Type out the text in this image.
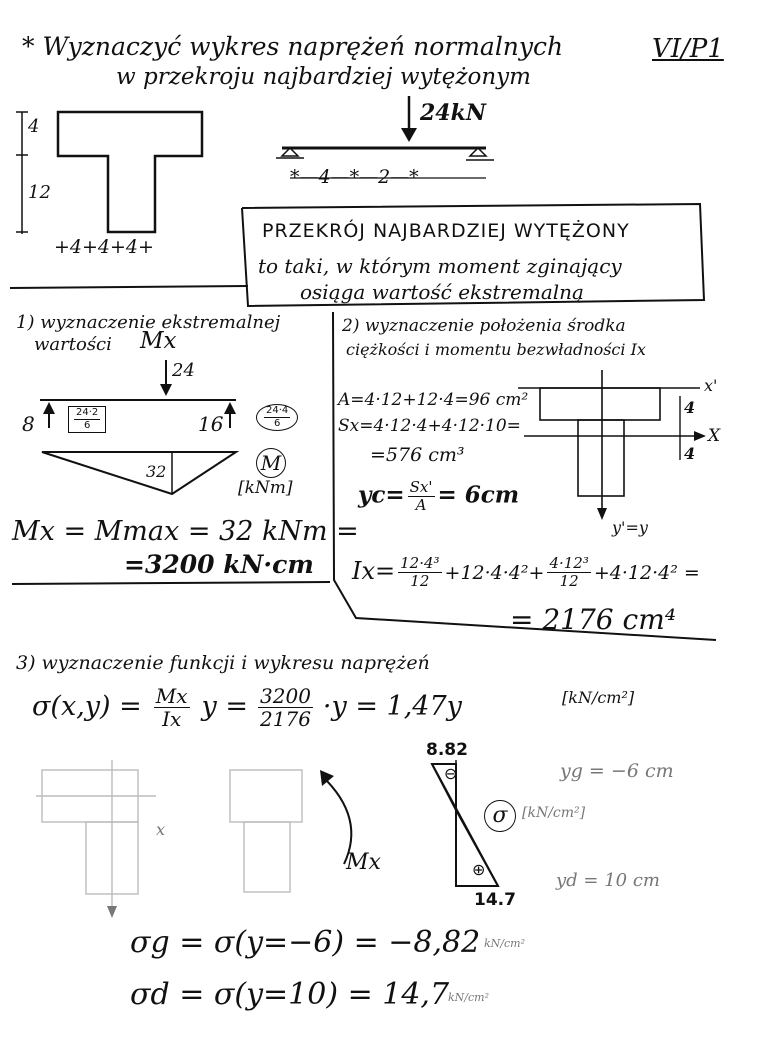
VI/P1
* Wyznaczyć wykres naprężeń normalnych
w przekroju najbardziej wytężonym
4
12
+4+4+4+
24kN
*—4—*—2—*
PRZEKRÓJ NAJBARDZIEJ WYTĘŻONY
to taki, w którym moment zginający
osiąga wartość ekstremalną
1) wyznaczenie ekstremalnej
wartości Mx
24
8	$\frac{24\cdot 2}{6}$	16	$\frac{24\cdot 4}{6}$
32	M
[kNm]
Mx = Mmax = 32 kNm =
=3200 kN·cm
2) wyznaczenie położenia środka
ciężkości i momentu bezwładności Ix
A=4·12+12·4=96 cm²
Sx=4·12·4+4·12·10=
=576 cm³
$yc= \frac{Sx'}{A} = 6cm$
x'
X
4
4
y'=y
$Ix= \frac{\text{12·4³}}{12} +12\cdot 4\cdot 4^2+ \frac{\text{4·12³}}{12} +4\cdot 12\cdot 4^2$ =
= 2176 cm⁴
3) wyznaczenie funkcji i wykresu naprężeń
$\sigma(x,y) = \frac{Mx}{Ix}$ $y = \frac{3200}{2176} \cdot y = 1,47y$	[kN/cm²]
x
Mx
8.82
⊖
⊕
14.7
σ	[kN/cm²]
yg = −6 cm
yd = 10 cm
σg = σ(y=−6) = −8,82 kN/cm²
σd = σ(y=10) = 14,7
kN/cm²
